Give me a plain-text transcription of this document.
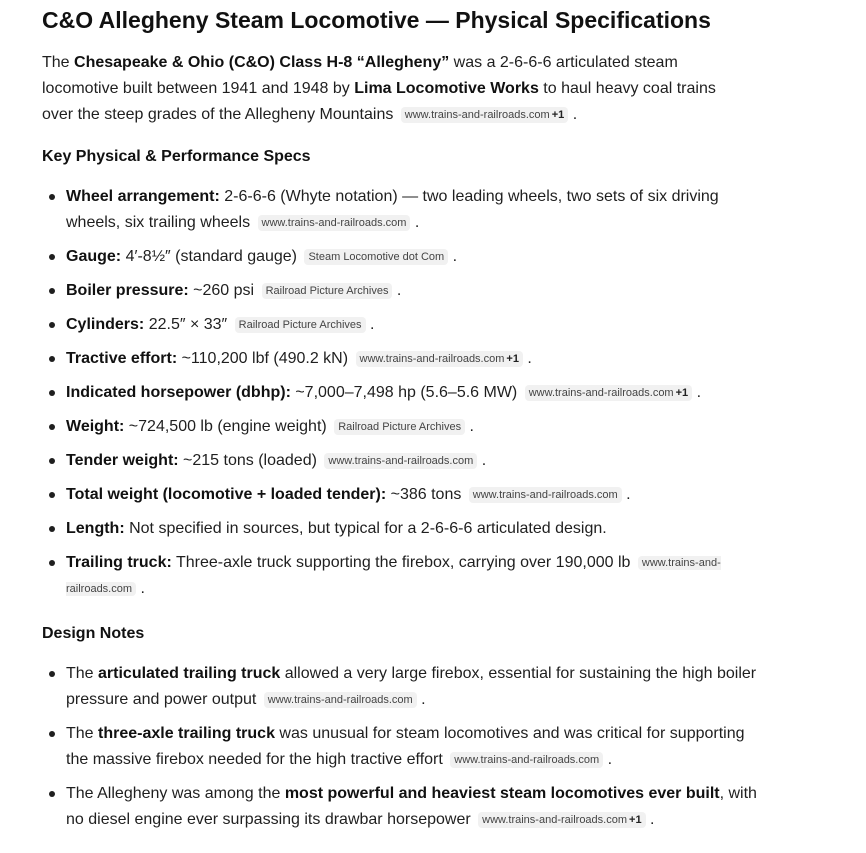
C&O Allegheny Steam Locomotive — Physical Specifications

The Chesapeake & Ohio (C&O) Class H-8 “Allegheny” was a 2-6-6-6 articulated steam locomotive built between 1941 and 1948 by Lima Locomotive Works to haul heavy coal trains over the steep grades of the Allegheny Mountains www.trains-and-railroads.com +1 .

Key Physical & Performance Specs
Wheel arrangement: 2-6-6-6 (Whyte notation) — two leading wheels, two sets of six driving wheels, six trailing wheels www.trains-and-railroads.com .
Gauge: 4′-8½″ (standard gauge) Steam Locomotive dot Com .
Boiler pressure: ~260 psi Railroad Picture Archives .
Cylinders: 22.5″ × 33″ Railroad Picture Archives .
Tractive effort: ~110,200 lbf (490.2 kN) www.trains-and-railroads.com +1 .
Indicated horsepower (dbhp): ~7,000–7,498 hp (5.6–5.6 MW) www.trains-and-railroads.com +1 .
Weight: ~724,500 lb (engine weight) Railroad Picture Archives .
Tender weight: ~215 tons (loaded) www.trains-and-railroads.com .
Total weight (locomotive + loaded tender): ~386 tons www.trains-and-railroads.com .
Length: Not specified in sources, but typical for a 2-6-6-6 articulated design.
Trailing truck: Three-axle truck supporting the firebox, carrying over 190,000 lb www.trains-and-railroads.com .
Design Notes
The articulated trailing truck allowed a very large firebox, essential for sustaining the high boiler pressure and power output www.trains-and-railroads.com .
The three-axle trailing truck was unusual for steam locomotives and was critical for supporting the massive firebox needed for the high tractive effort www.trains-and-railroads.com .
The Allegheny was among the most powerful and heaviest steam locomotives ever built, with no diesel engine ever surpassing its drawbar horsepower www.trains-and-railroads.com +1 .
